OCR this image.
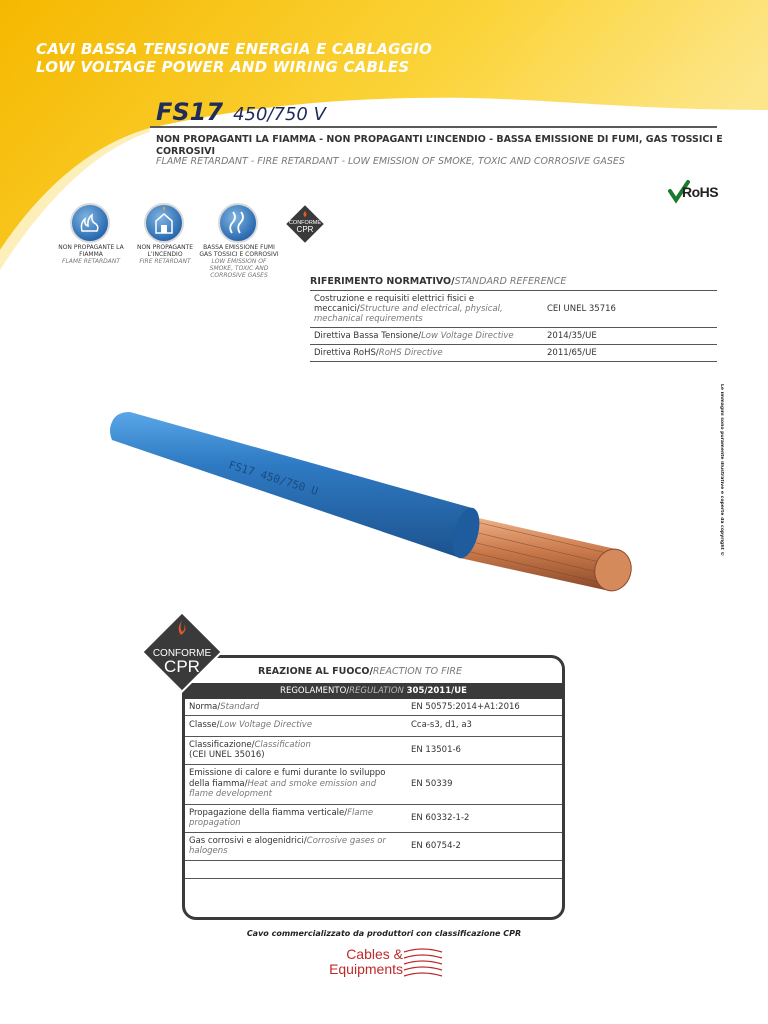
CAVI BASSA TENSIONE ENERGIA E CABLAGGIO
LOW VOLTAGE POWER AND WIRING CABLES
FS17 450/750 V
NON PROPAGANTI LA FIAMMA - NON PROPAGANTI L’INCENDIO - BASSA EMISSIONE DI FUMI, GAS TOSSICI E CORROSIVI
FLAME RETARDANT - FIRE RETARDANT - LOW EMISSION OF SMOKE, TOXIC AND CORROSIVE GASES
RoHS
NON PROPAGANTE LA FIAMMA
FLAME RETARDANT
NON PROPAGANTE L’INCENDIO
FIRE RETARDANT
BASSA EMISSIONE FUMI GAS TOSSICI E CORROSIVI
LOW EMISSION OF SMOKE, TOXIC AND CORROSIVE GASES
CONFORME
CPR
RIFERIMENTO NORMATIVO/STANDARD REFERENCE
Costruzione e requisiti elettrici fisici e meccanici/Structure and electrical, physical, mechanical requirements	CEI UNEL 35716
Direttiva Bassa Tensione/Low Voltage Directive	2014/35/UE
Direttiva RoHS/RoHS Directive	2011/65/UE
Le immagini sono puramente illustrative e coperte da copyright ©
FS17 450/750 U
REAZIONE AL FUOCO/REACTION TO FIRE
REGOLAMENTO/REGULATION 305/2011/UE
Norma/Standard	EN 50575:2014+A1:2016
Classe/Low Voltage Directive	Cca-s3, d1, a3
Classificazione/Classification
(CEI UNEL 35016)	EN 13501-6
Emissione di calore e fumi durante lo sviluppo della fiamma/Heat and smoke emission and flame development	EN 50339
Propagazione della fiamma verticale/Flame propagation	EN 60332-1-2
Gas corrosivi e alogenidrici/Corrosive gases or halogens	EN 60754-2

CONFORME
CPR
Cavo commercializzato da produttori con classificazione CPR
Cables &
Equipments
